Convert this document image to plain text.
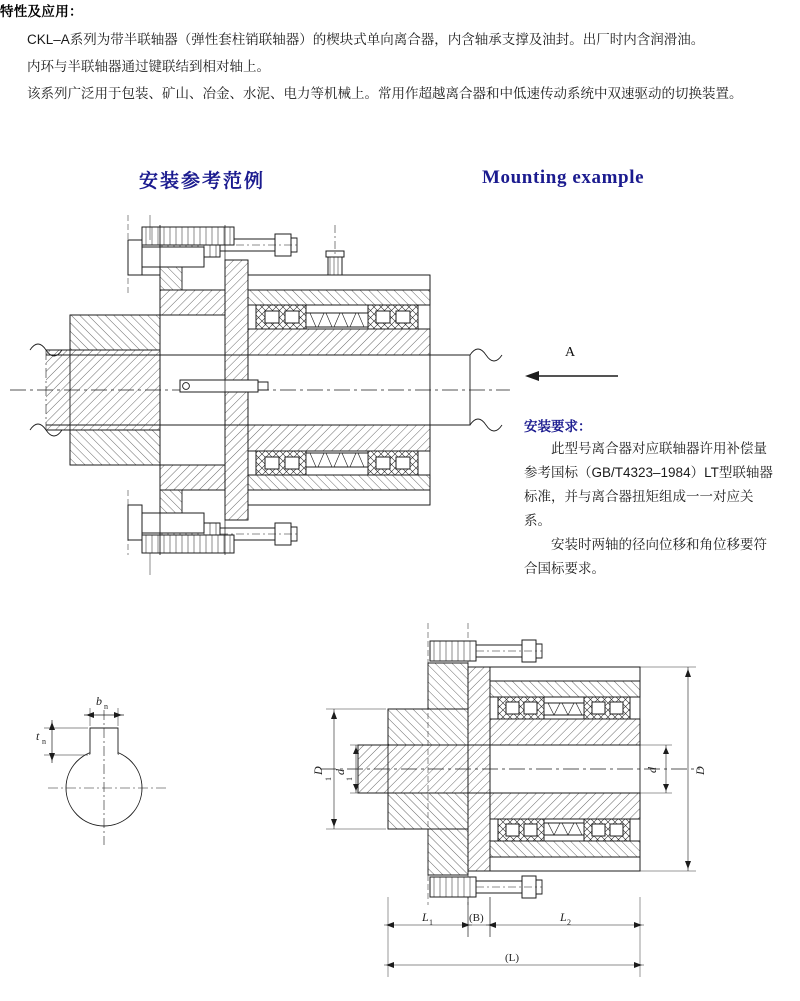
特性及应用：

CKL–A系列为带半联轴器（弹性套柱销联轴器）的楔块式单向离合器，内含轴承支撑及油封。出厂时内含润滑油。

内环与半联轴器通过键联结到相对轴上。

该系列广泛用于包装、矿山、冶金、水泥、电力等机械上。常用作超越离合器和中低速传动系统中双速驱动的切换装置。

安装参考范例	Mounting example
A
安装要求：

此型号离合器对应联轴器许用补偿量参考国标（GB/T4323–1984）LT型联轴器标准，并与离合器扭矩组成一一对应关系。

安装时两轴的径向位移和角位移要符合国标要求。

b n
t n
D
1
d
1
d	D
L 1	(B)	L 2
(L)
